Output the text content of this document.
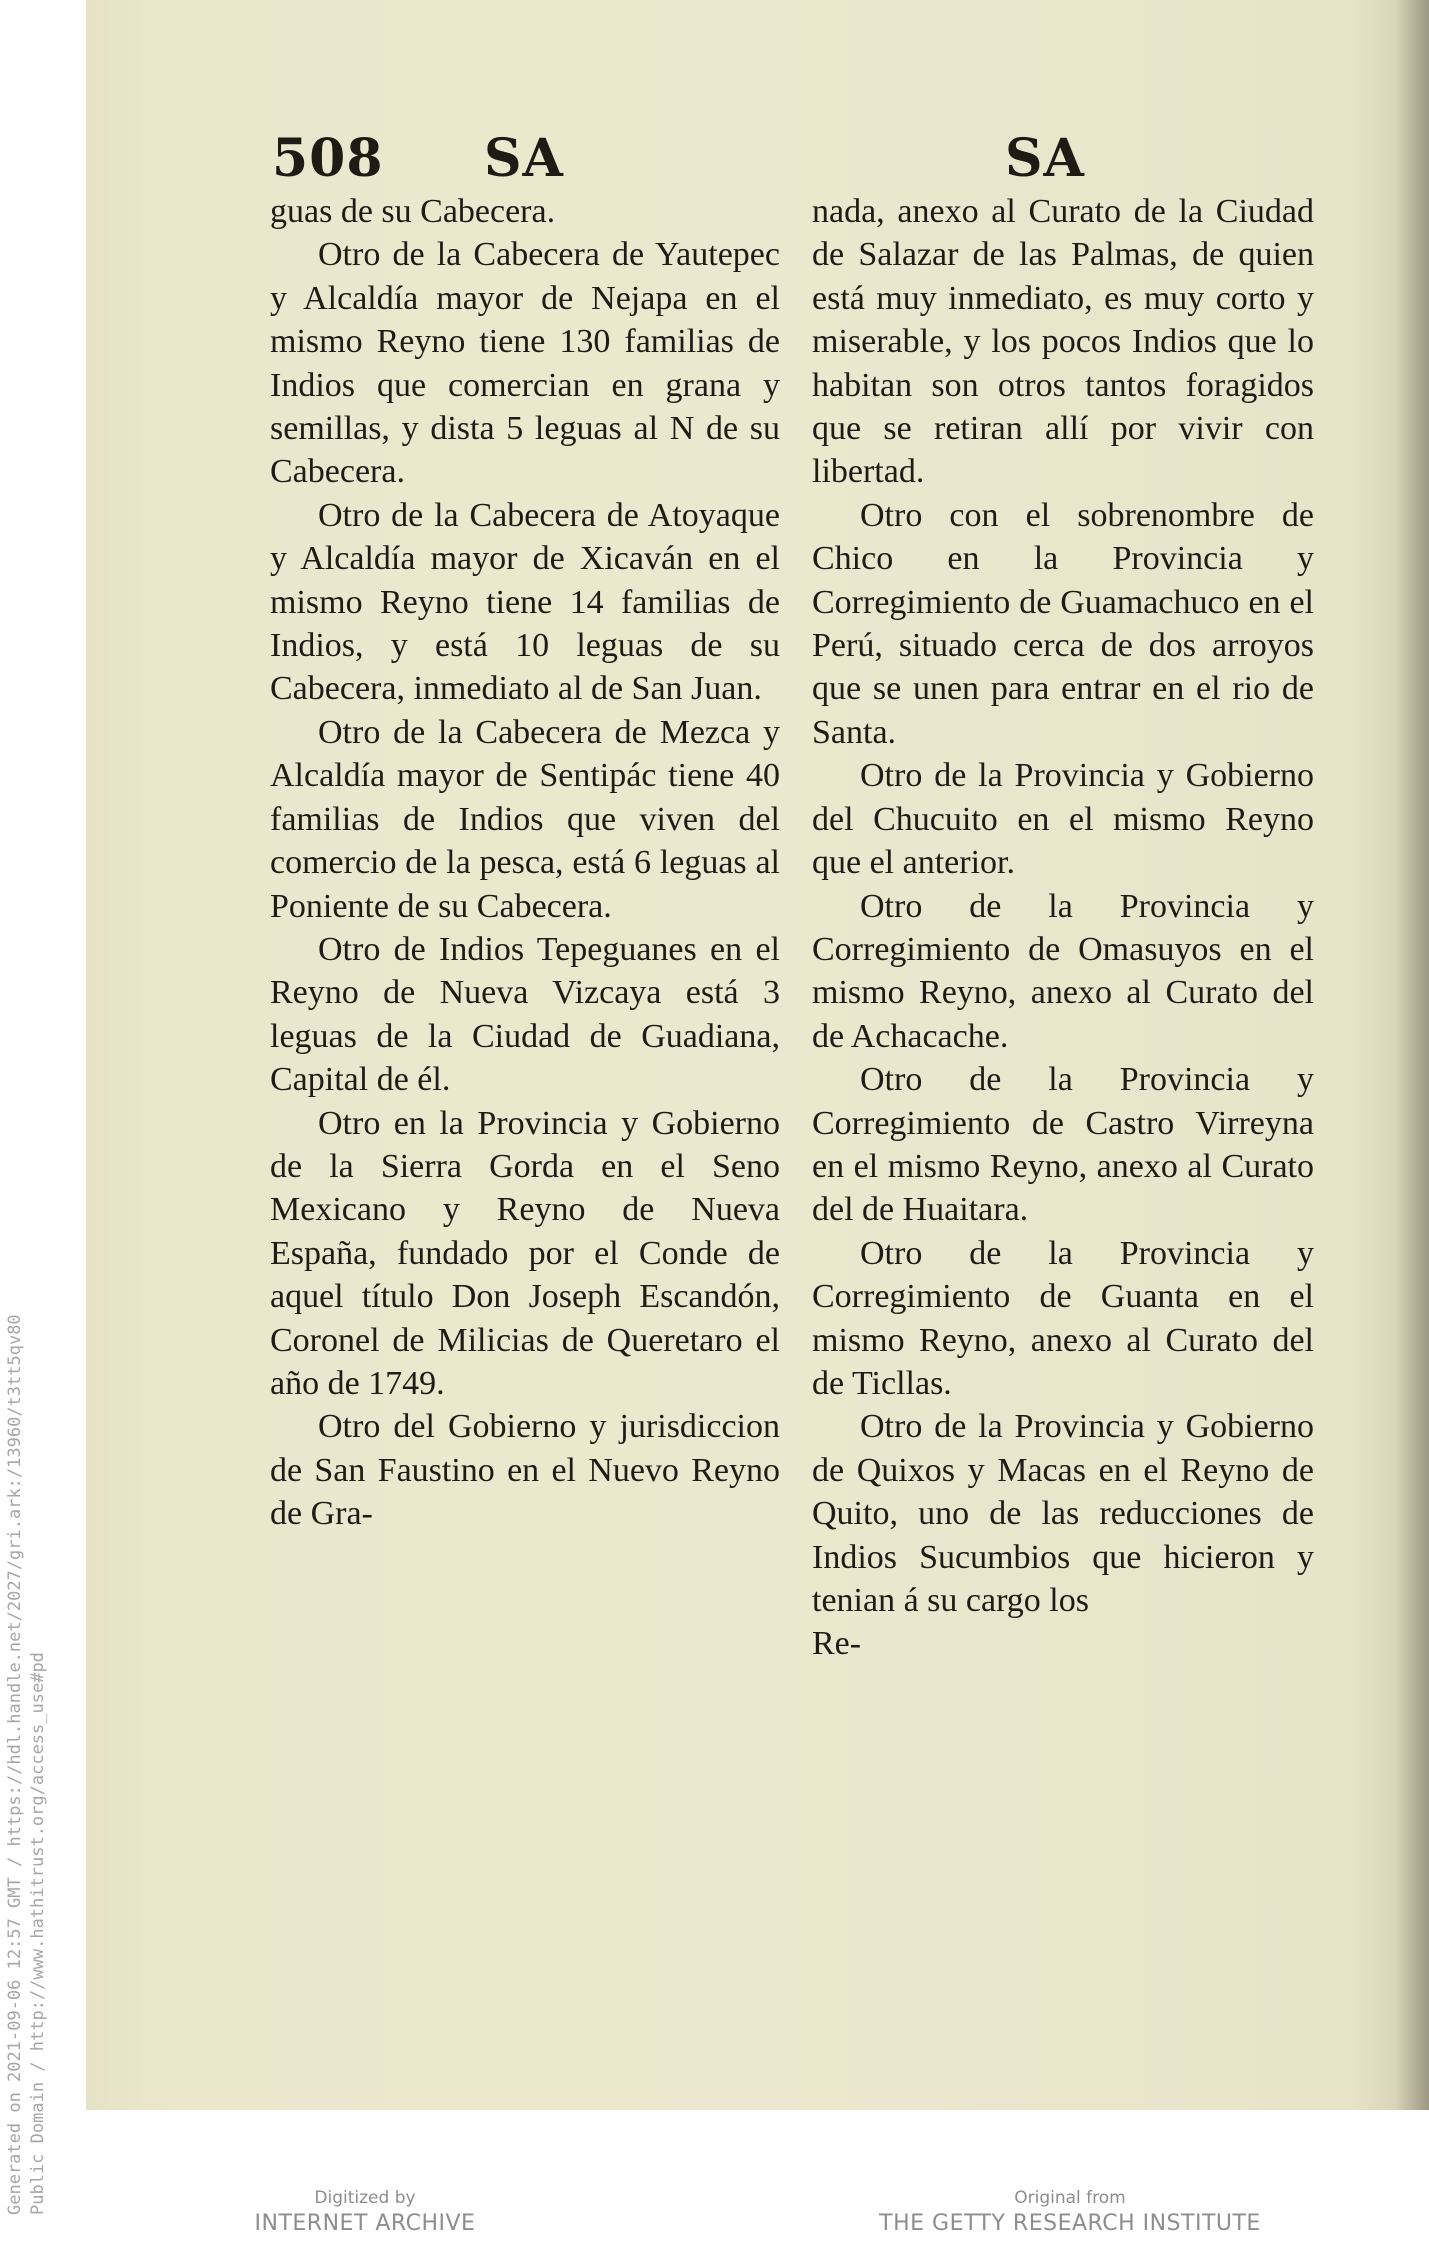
Generated on 2021-09-06 12:57 GMT / https://hdl.handle.net/2027/gri.ark:/13960/t3tt5qv80 Public Domain / http://www.hathitrust.org/access_use#pd
508 SA	SA

guas de su Cabecera.

Otro de la Cabecera de Yautepec y Alcaldía mayor de Nejapa en el mismo Reyno tiene 130 familias de Indios que comercian en grana y semillas, y dista 5 leguas al N de su Cabecera.

Otro de la Cabecera de Atoyaque y Alcaldía mayor de Xicaván en el mismo Reyno tiene 14 familias de Indios, y está 10 leguas de su Cabecera, inmediato al de San Juan.

Otro de la Cabecera de Mezca y Alcaldía mayor de Sentipác tiene 40 familias de Indios que viven del comercio de la pesca, está 6 leguas al Poniente de su Cabecera.

Otro de Indios Tepeguanes en el Reyno de Nueva Vizcaya está 3 leguas de la Ciudad de Guadiana, Capital de él.

Otro en la Provincia y Gobierno de la Sierra Gorda en el Seno Mexicano y Reyno de Nueva España, fundado por el Conde de aquel título Don Joseph Escandón, Coronel de Milicias de Queretaro el año de 1749.

Otro del Gobierno y jurisdiccion de San Faustino en el Nuevo Reyno de Gra-

nada, anexo al Curato de la Ciudad de Salazar de las Palmas, de quien está muy inmediato, es muy corto y miserable, y los pocos Indios que lo habitan son otros tantos foragidos que se retiran allí por vivir con libertad.

Otro con el sobrenombre de Chico en la Provincia y Corregimiento de Guamachuco en el Perú, situado cerca de dos arroyos que se unen para entrar en el rio de Santa.

Otro de la Provincia y Gobierno del Chucuito en el mismo Reyno que el anterior.

Otro de la Provincia y Corregimiento de Omasuyos en el mismo Reyno, anexo al Curato del de Achacache.

Otro de la Provincia y Corregimiento de Castro Virreyna en el mismo Reyno, anexo al Curato del de Huaitara.

Otro de la Provincia y Corregimiento de Guanta en el mismo Reyno, anexo al Curato del de Ticllas.

Otro de la Provincia y Gobierno de Quixos y Macas en el Reyno de Quito, uno de las reducciones de Indios Sucumbios que hicieron y tenian á su cargo los

Re-

Digitized by
INTERNET ARCHIVE
Original from
THE GETTY RESEARCH INSTITUTE
